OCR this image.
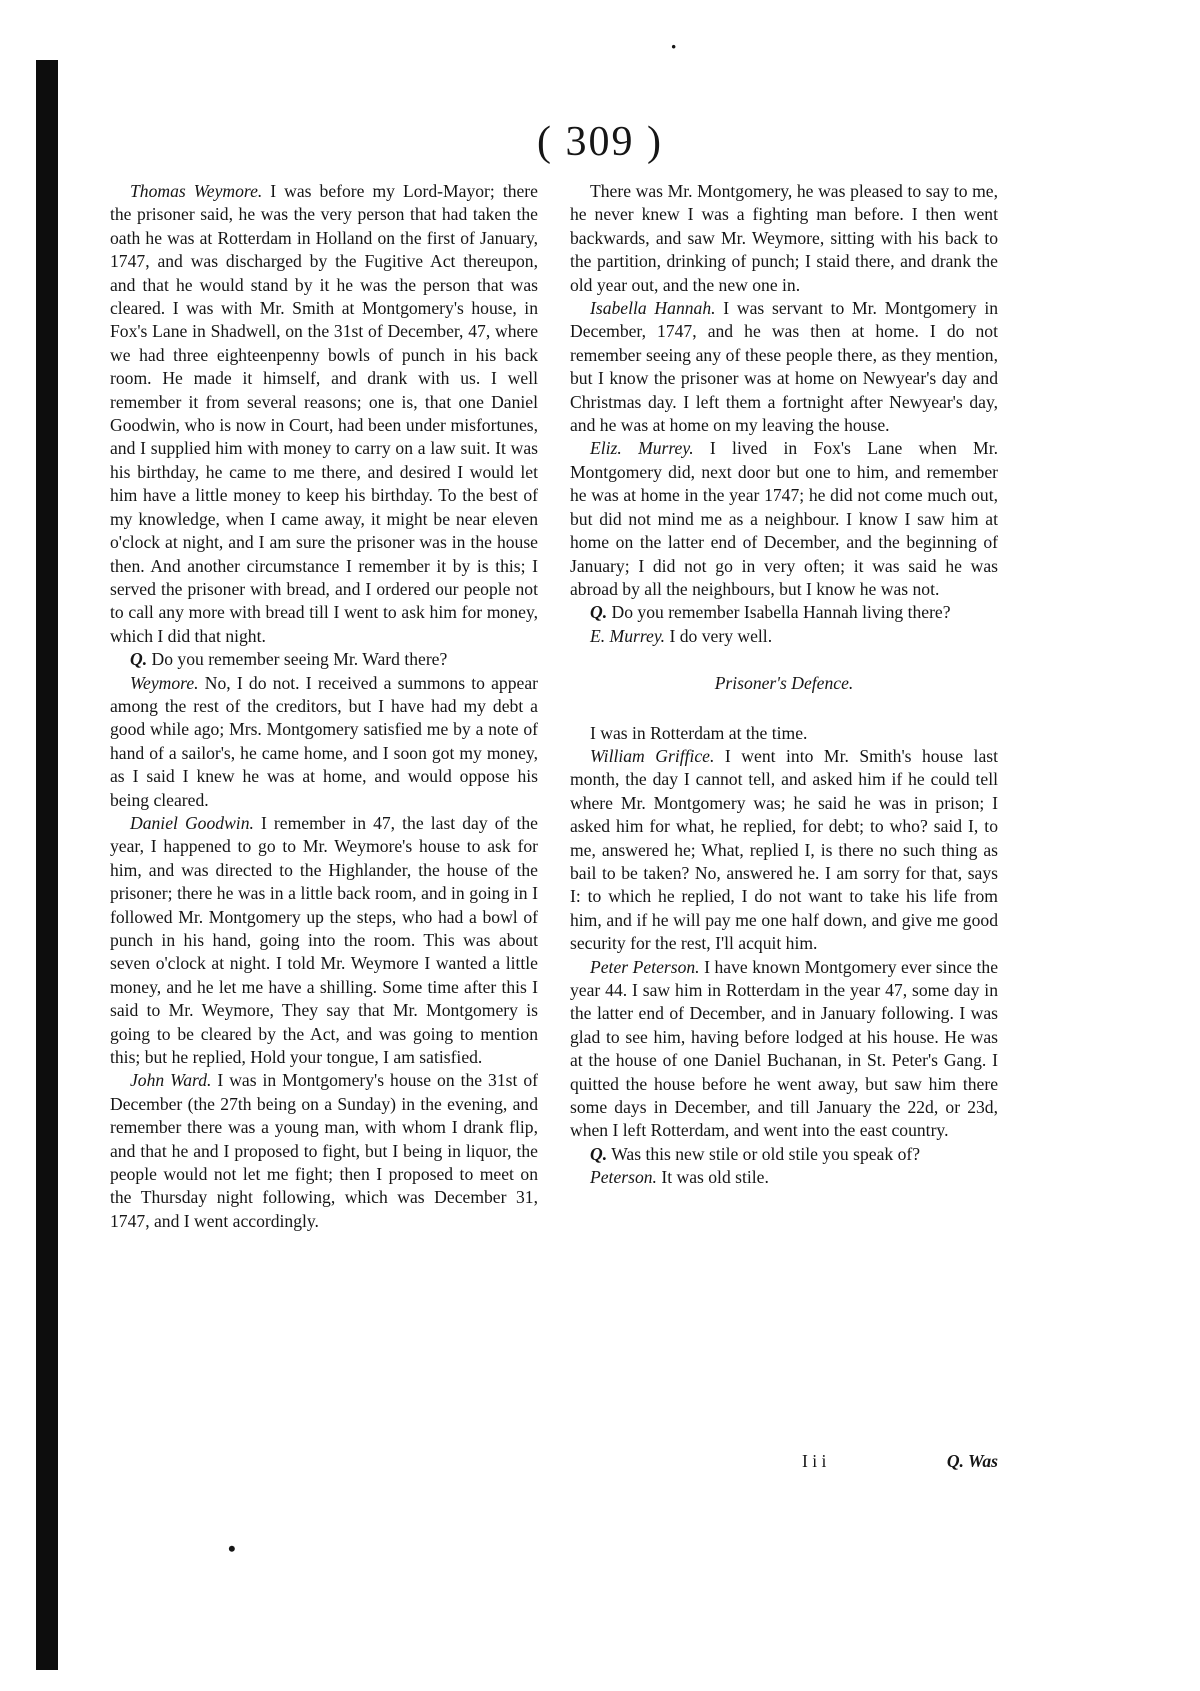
·
( 309 )

Thomas Weymore. I was before my Lord-Mayor; there the prisoner said, he was the very person that had taken the oath he was at Rotterdam in Holland on the first of January, 1747, and was discharged by the Fugitive Act thereupon, and that he would stand by it he was the person that was cleared. I was with Mr. Smith at Montgomery's house, in Fox's Lane in Shadwell, on the 31st of December, 47, where we had three eighteenpenny bowls of punch in his back room. He made it himself, and drank with us. I well remember it from several reasons; one is, that one Daniel Goodwin, who is now in Court, had been under misfortunes, and I supplied him with money to carry on a law suit. It was his birthday, he came to me there, and desired I would let him have a little money to keep his birthday. To the best of my knowledge, when I came away, it might be near eleven o'clock at night, and I am sure the prisoner was in the house then. And another circumstance I remember it by is this; I served the prisoner with bread, and I ordered our people not to call any more with bread till I went to ask him for money, which I did that night.

Q. Do you remember seeing Mr. Ward there?

Weymore. No, I do not. I received a summons to appear among the rest of the creditors, but I have had my debt a good while ago; Mrs. Montgomery satisfied me by a note of hand of a sailor's, he came home, and I soon got my money, as I said I knew he was at home, and would oppose his being cleared.

Daniel Goodwin. I remember in 47, the last day of the year, I happened to go to Mr. Weymore's house to ask for him, and was directed to the Highlander, the house of the prisoner; there he was in a little back room, and in going in I followed Mr. Montgomery up the steps, who had a bowl of punch in his hand, going into the room. This was about seven o'clock at night. I told Mr. Weymore I wanted a little money, and he let me have a shilling. Some time after this I said to Mr. Weymore, They say that Mr. Montgomery is going to be cleared by the Act, and was going to mention this; but he replied, Hold your tongue, I am satisfied.

John Ward. I was in Montgomery's house on the 31st of December (the 27th being on a Sunday) in the evening, and remember there was a young man, with whom I drank flip, and that he and I proposed to fight, but I being in liquor, the people would not let me fight; then I proposed to meet on the Thursday night following, which was December 31, 1747, and I went accordingly.

There was Mr. Montgomery, he was pleased to say to me, he never knew I was a fighting man before. I then went backwards, and saw Mr. Weymore, sitting with his back to the partition, drinking of punch; I staid there, and drank the old year out, and the new one in.

Isabella Hannah. I was servant to Mr. Montgomery in December, 1747, and he was then at home. I do not remember seeing any of these people there, as they mention, but I know the prisoner was at home on Newyear's day and Christmas day. I left them a fortnight after Newyear's day, and he was at home on my leaving the house.

Eliz. Murrey. I lived in Fox's Lane when Mr. Montgomery did, next door but one to him, and remember he was at home in the year 1747; he did not come much out, but did not mind me as a neighbour. I know I saw him at home on the latter end of December, and the beginning of January; I did not go in very often; it was said he was abroad by all the neighbours, but I know he was not.

Q. Do you remember Isabella Hannah living there?

E. Murrey. I do very well.

Prisoner's Defence.

I was in Rotterdam at the time.

William Griffice. I went into Mr. Smith's house last month, the day I cannot tell, and asked him if he could tell where Mr. Montgomery was; he said he was in prison; I asked him for what, he replied, for debt; to who? said I, to me, answered he; What, replied I, is there no such thing as bail to be taken? No, answered he. I am sorry for that, says I: to which he replied, I do not want to take his life from him, and if he will pay me one half down, and give me good security for the rest, I'll acquit him.

Peter Peterson. I have known Montgomery ever since the year 44. I saw him in Rotterdam in the year 47, some day in the latter end of December, and in January following. I was glad to see him, having before lodged at his house. He was at the house of one Daniel Buchanan, in St. Peter's Gang. I quitted the house before he went away, but saw him there some days in December, and till January the 22d, or 23d, when I left Rotterdam, and went into the east country.

Q. Was this new stile or old stile you speak of?

Peterson. It was old stile.

I i i	Q. Was
•
